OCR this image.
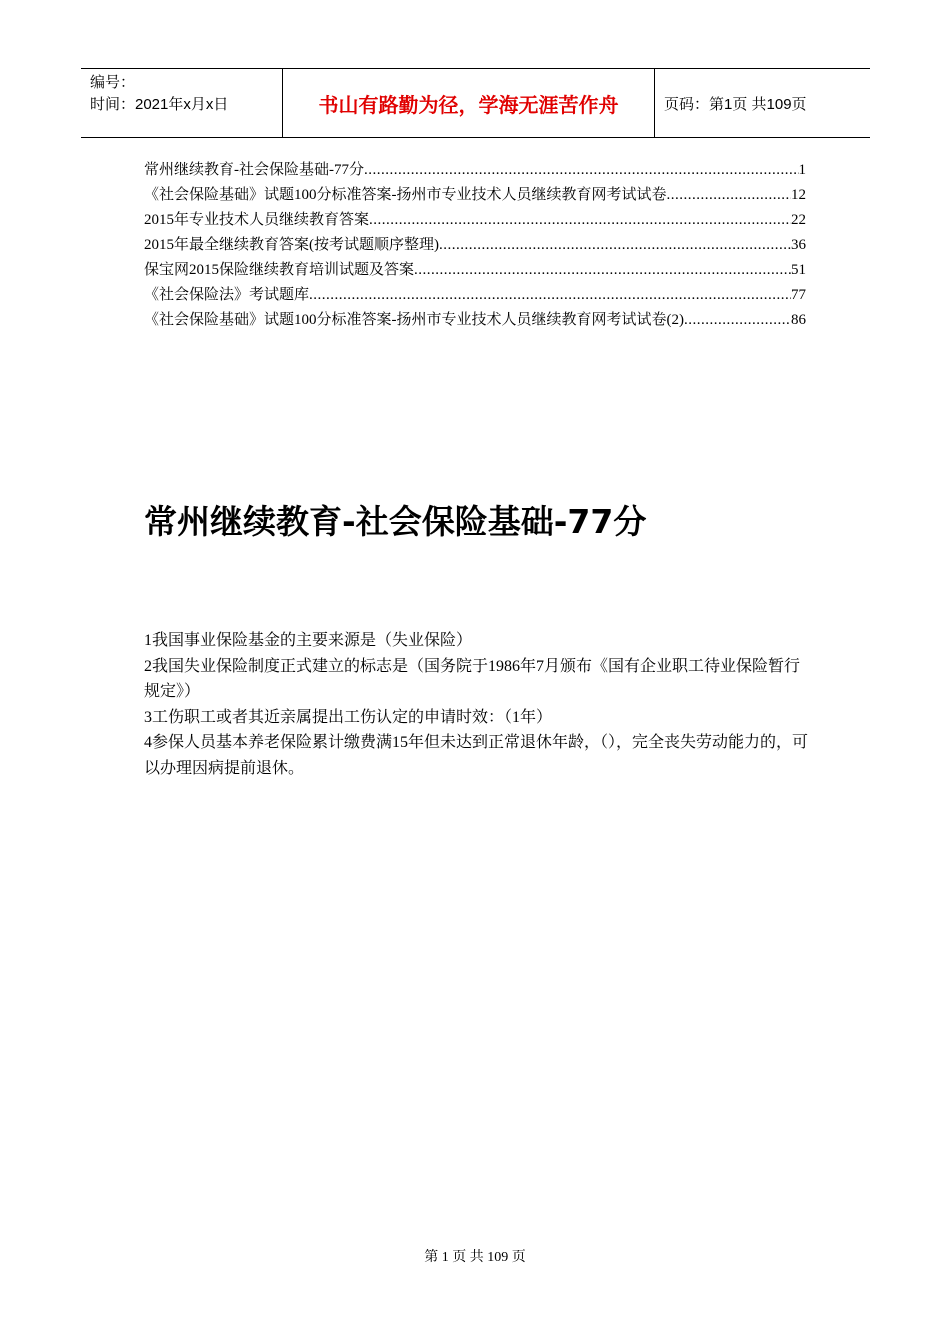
编号：
时间：2021年x月x日	书山有路勤为径，学海无涯苦作舟	页码：第1页 共109页
常州继续教育-社会保险基础-77分 .....	1
《社会保险基础》试题100分标准答案-扬州市专业技术人员继续教育网考试试卷 .....	12
2015年专业技术人员继续教育答案 .....	22
2015年最全继续教育答案(按考试题顺序整理) .....	36
保宝网2015保险继续教育培训试题及答案 .....	51
《社会保险法》考试题库 .....	77
《社会保险基础》试题100分标准答案-扬州市专业技术人员继续教育网考试试卷(2) .....	86
常州继续教育-社会保险基础-77分

1我国事业保险基金的主要来源是（失业保险）

2我国失业保险制度正式建立的标志是（国务院于1986年7月颁布《国有企业职工待业保险暂行规定》）

3工伤职工或者其近亲属提出工伤认定的申请时效：（1年）

4参保人员基本养老保险累计缴费满15年但未达到正常退休年龄，（），完全丧失劳动能力的，可以办理因病提前退休。

第 1 页 共 109 页
